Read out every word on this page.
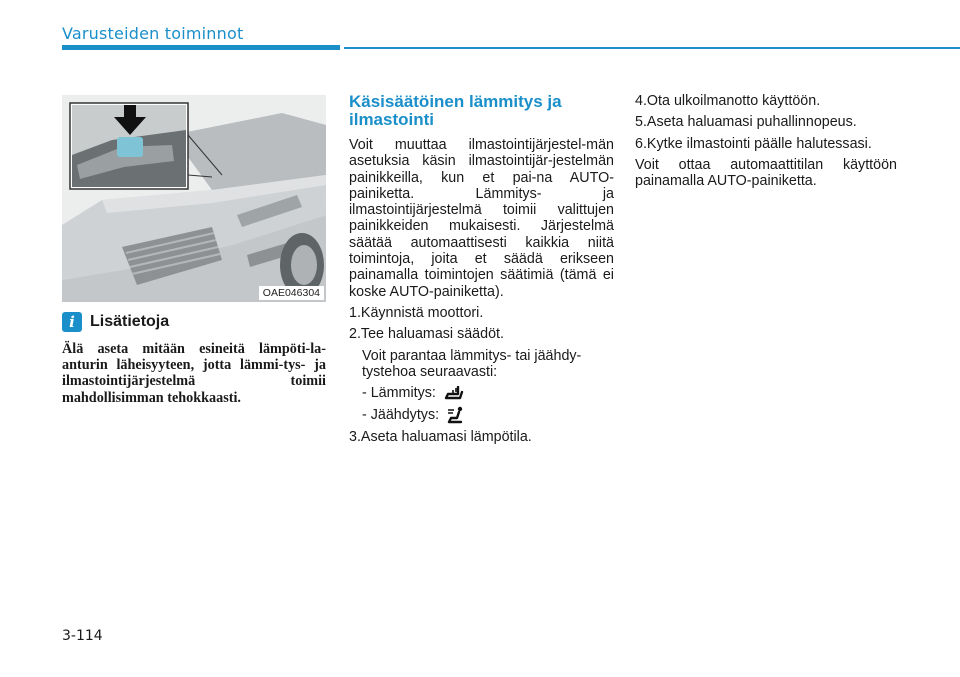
Varusteiden toiminnot
OAE046304
i Lisätietoja
Älä aseta mitään esineitä lämpöti-la-anturin läheisyyteen, jotta lämmi-tys- ja ilmastointijärjestelmä toimii mahdollisimman tehokkaasti.
Käsisäätöinen lämmitys ja ilmastointi

Voit muuttaa ilmastointijärjestel-män asetuksia käsin ilmastointijär-jestelmän painikkeilla, kun et pai-na AUTO-painiketta. Lämmitys- ja ilmastointijärjestelmä toimii valittujen painikkeiden mukaisesti. Järjestelmä säätää automaattisesti kaikkia niitä toimintoja, joita et säädä erikseen painamalla toimintojen säätimiä (tämä ei koske AUTO-painiketta).

1.Käynnistä moottori.

2.Tee haluamasi säädöt.

Voit parantaa lämmitys- tai jäähdy-tystehoa seuraavasti:

- Lämmitys:

- Jäähdytys:

3.Aseta haluamasi lämpötila.

4.Ota ulkoilmanotto käyttöön.

5.Aseta haluamasi puhallinnopeus.

6.Kytke ilmastointi päälle halutessasi.

Voit ottaa automaattitilan käyttöön painamalla AUTO-painiketta.

3-114
